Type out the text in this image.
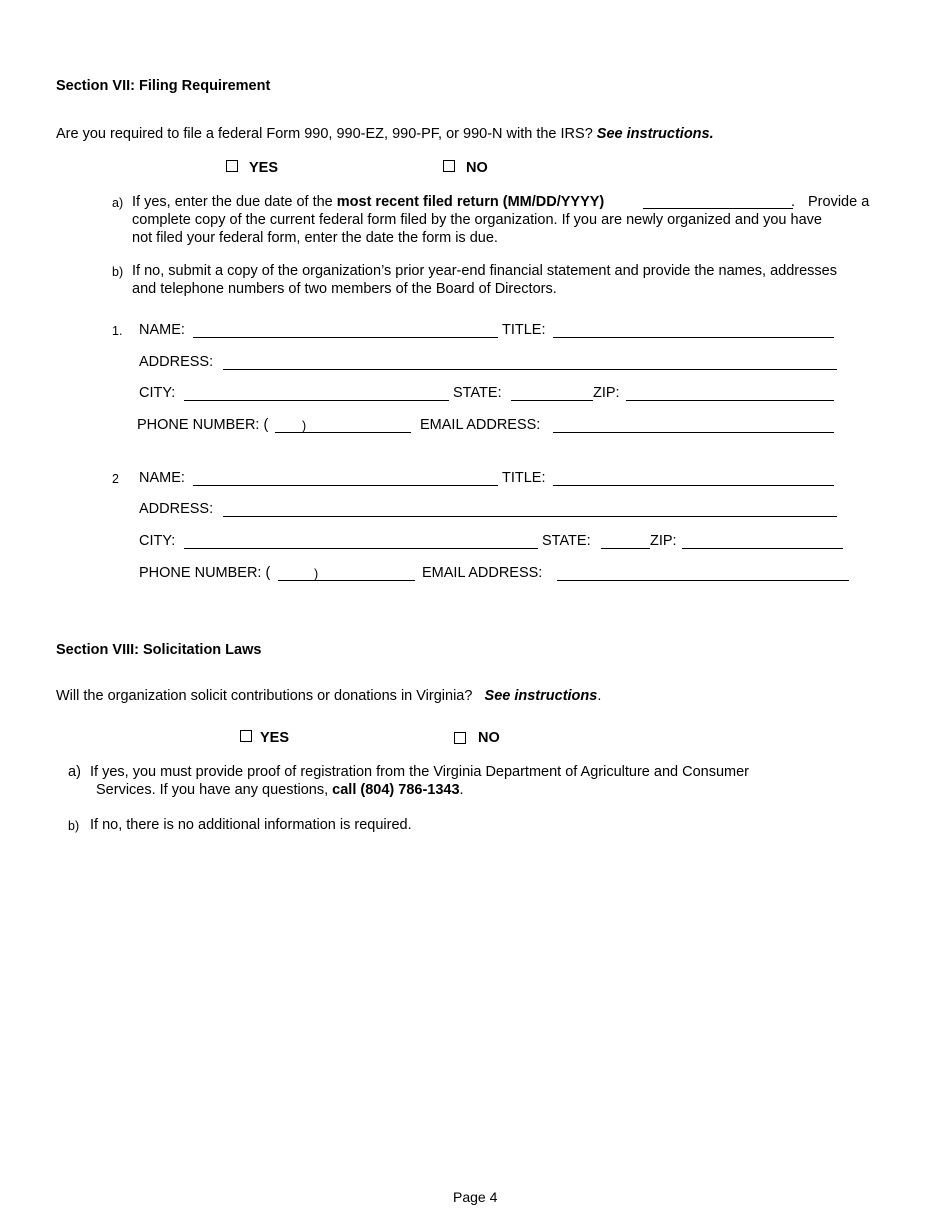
Section VII: Filing Requirement
Are you required to file a federal Form 990, 990-EZ, 990-PF, or 990-N with the IRS? See instructions.
YES	NO
a) If yes, enter the due date of the most recent filed return (MM/DD/YYYY)	. Provide a
complete copy of the current federal form filed by the organization. If you are newly organized and you have
not filed your federal form, enter the date the form is due.
b) If no, submit a copy of the organization’s prior year-end financial statement and provide the names, addresses
and telephone numbers of two members of the Board of Directors.
1. NAME:	TITLE:
ADDRESS:
CITY:	STATE:	ZIP:
PHONE NUMBER: (	)	EMAIL ADDRESS:
2 NAME:	TITLE:
ADDRESS:
CITY:	STATE:	ZIP:
PHONE NUMBER: (	)	EMAIL ADDRESS:
Section VIII: Solicitation Laws
Will the organization solicit contributions or donations in Virginia? See instructions.
YES	NO
a) If yes, you must provide proof of registration from the Virginia Department of Agriculture and Consumer
Services. If you have any questions, call (804) 786-1343.
b) If no, there is no additional information is required.
Page 4
